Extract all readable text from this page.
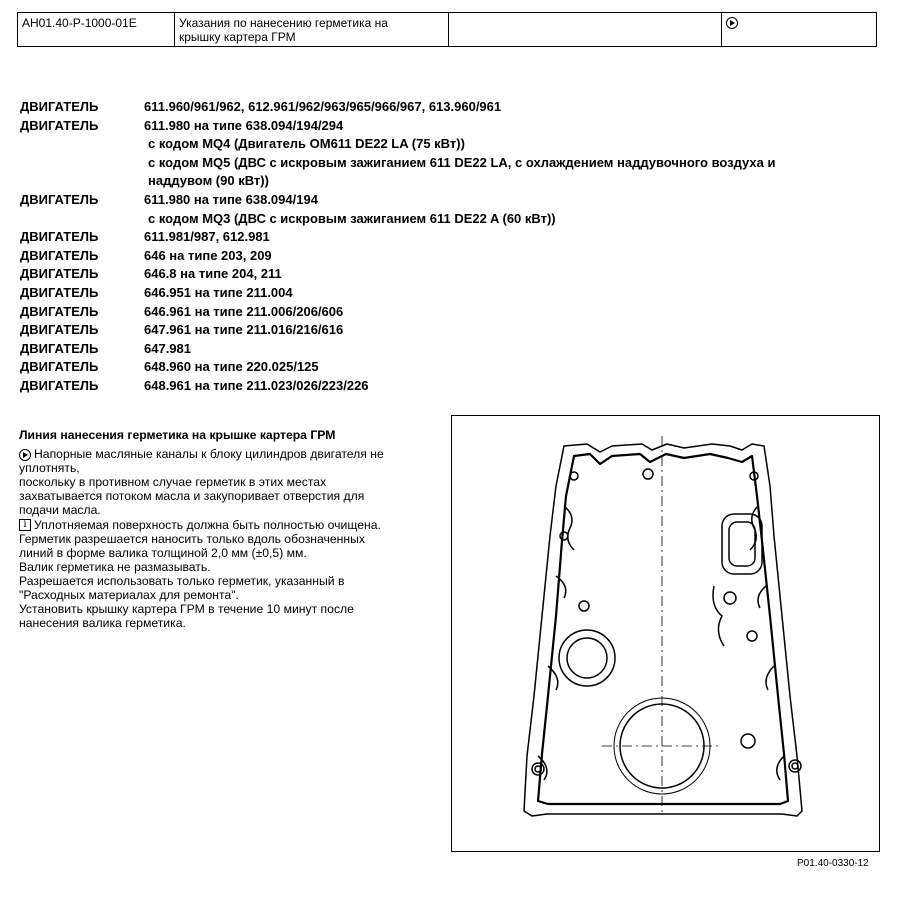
AH01.40-P-1000-01E	Указания по нанесению герметика на
крышку картера ГРМ
ДВИГАТЕЛЬ	611.960/961/962, 612.961/962/963/965/966/967, 613.960/961
ДВИГАТЕЛЬ	611.980 на типе 638.094/194/294
с кодом MQ4 (Двигатель OM611 DE22 LA (75 кВт))
с кодом MQ5 (ДВС с искровым зажиганием 611 DE22 LA, с охлаждением наддувочного воздуха и
наддувом (90 кВт))
ДВИГАТЕЛЬ	611.980 на типе 638.094/194
с кодом MQ3 (ДВС с искровым зажиганием 611 DE22 A (60 кВт))
ДВИГАТЕЛЬ	611.981/987, 612.981
ДВИГАТЕЛЬ	646 на типе 203, 209
ДВИГАТЕЛЬ	646.8 на типе 204, 211
ДВИГАТЕЛЬ	646.951 на типе 211.004
ДВИГАТЕЛЬ	646.961 на типе 211.006/206/606
ДВИГАТЕЛЬ	647.961 на типе 211.016/216/616
ДВИГАТЕЛЬ	647.981
ДВИГАТЕЛЬ	648.960 на типе 220.025/125
ДВИГАТЕЛЬ	648.961 на типе 211.023/026/223/226
Линия нанесения герметика на крышке картера ГРМ

Напорные масляные каналы к блоку цилиндров двигателя не

уплотнять,

поскольку в противном случае герметик в этих местах

захватывается потоком масла и закупоривает отверстия для

подачи масла.

i Уплотняемая поверхность должна быть полностью очищена.

Герметик разрешается наносить только вдоль обозначенных

линий в форме валика толщиной 2,0 мм (±0,5) мм.

Валик герметика не размазывать.

Разрешается использовать только герметик, указанный в

"Расходных материалах для ремонта".

Установить крышку картера ГРМ в течение 10 минут после

нанесения валика герметика.

P01.40-0330-12
